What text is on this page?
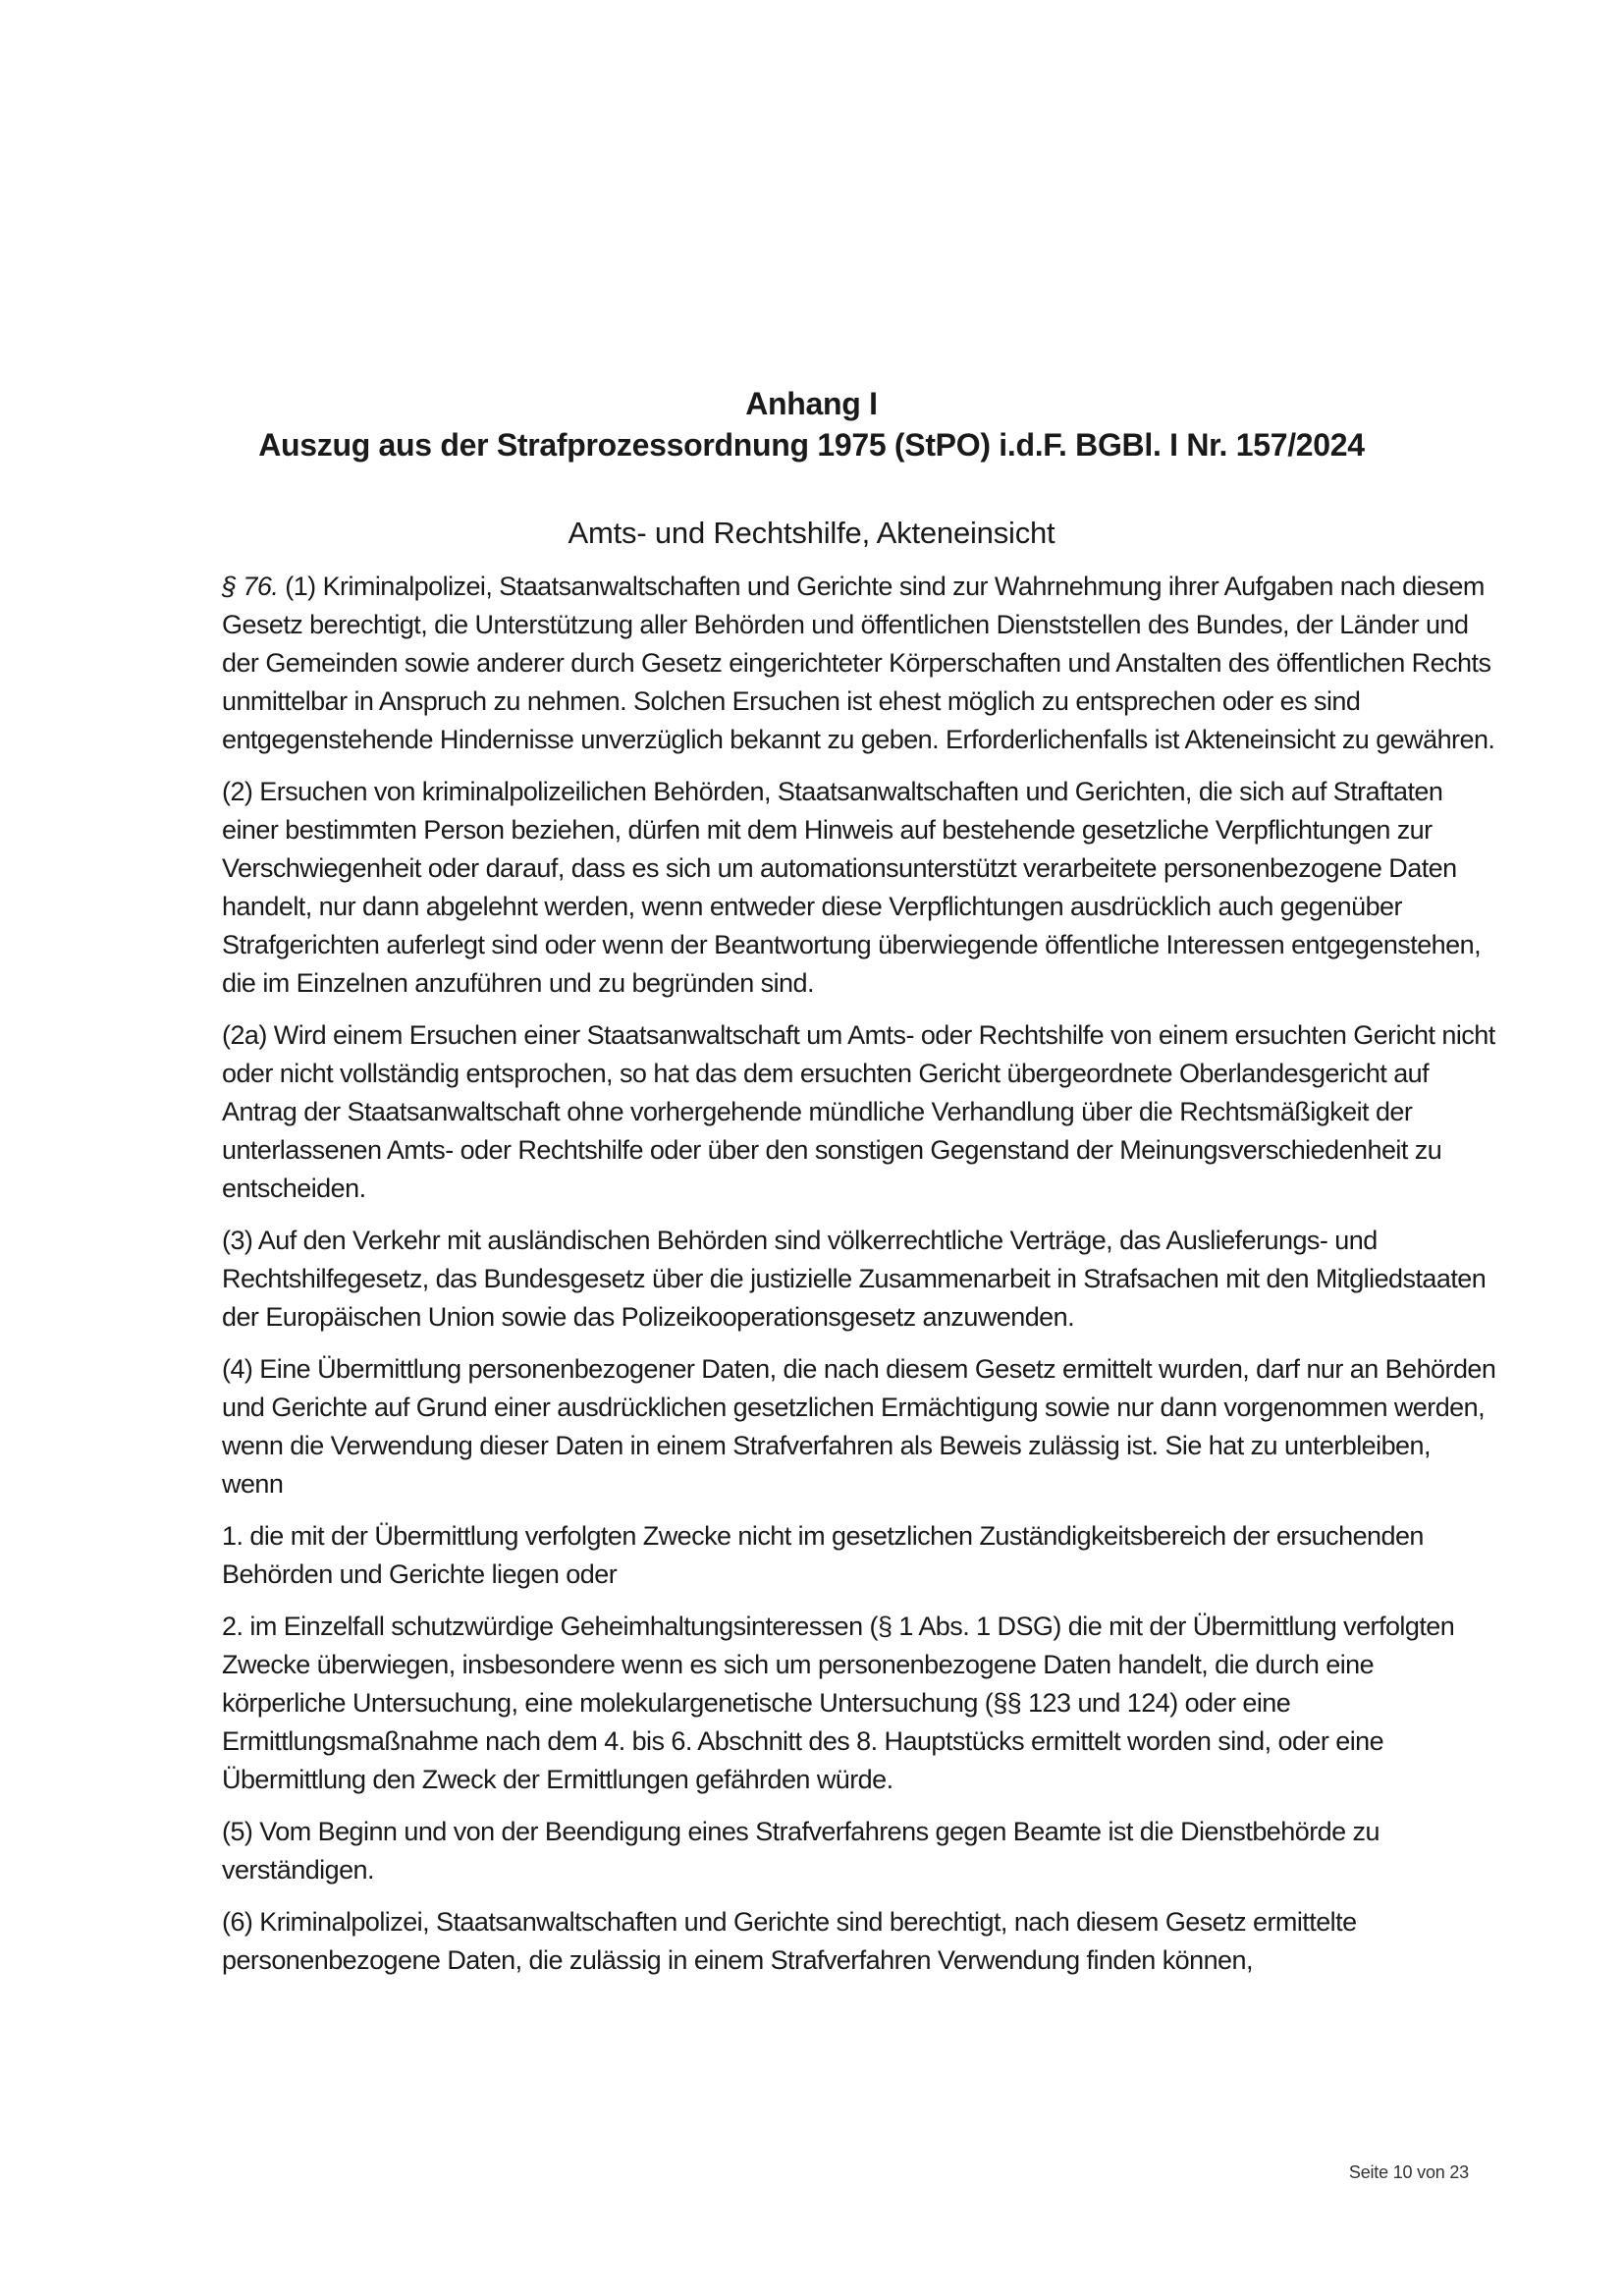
Anhang I
Auszug aus der Strafprozessordnung 1975 (StPO) i.d.F. BGBl. I Nr. 157/2024
Amts- und Rechtshilfe, Akteneinsicht

§ 76. (1) Kriminalpolizei, Staatsanwaltschaften und Gerichte sind zur Wahrnehmung ihrer Aufgaben nach diesem Gesetz berechtigt, die Unterstützung aller Behörden und öffentlichen Dienststellen des Bundes, der Länder und der Gemeinden sowie anderer durch Gesetz eingerichteter Körperschaften und Anstalten des öffentlichen Rechts unmittelbar in Anspruch zu nehmen. Solchen Ersuchen ist ehest möglich zu entsprechen oder es sind entgegenstehende Hindernisse unverzüglich bekannt zu geben. Erforderlichenfalls ist Akteneinsicht zu gewähren.

(2) Ersuchen von kriminalpolizeilichen Behörden, Staatsanwaltschaften und Gerichten, die sich auf Straftaten einer bestimmten Person beziehen, dürfen mit dem Hinweis auf bestehende gesetzliche Verpflichtungen zur Verschwiegenheit oder darauf, dass es sich um automationsunterstützt verarbeitete personenbezogene Daten handelt, nur dann abgelehnt werden, wenn entweder diese Verpflichtungen ausdrücklich auch gegenüber Strafgerichten auferlegt sind oder wenn der Beantwortung überwiegende öffentliche Interessen entgegenstehen, die im Einzelnen anzuführen und zu begründen sind.

(2a) Wird einem Ersuchen einer Staatsanwaltschaft um Amts- oder Rechtshilfe von einem ersuchten Gericht nicht oder nicht vollständig entsprochen, so hat das dem ersuchten Gericht übergeordnete Oberlandesgericht auf Antrag der Staatsanwaltschaft ohne vorhergehende mündliche Verhandlung über die Rechtsmäßigkeit der unterlassenen Amts- oder Rechtshilfe oder über den sonstigen Gegenstand der Meinungsverschiedenheit zu entscheiden.

(3) Auf den Verkehr mit ausländischen Behörden sind völkerrechtliche Verträge, das Auslieferungs- und Rechtshilfegesetz, das Bundesgesetz über die justizielle Zusammenarbeit in Strafsachen mit den Mitgliedstaaten der Europäischen Union sowie das Polizeikooperationsgesetz anzuwenden.

(4) Eine Übermittlung personenbezogener Daten, die nach diesem Gesetz ermittelt wurden, darf nur an Behörden und Gerichte auf Grund einer ausdrücklichen gesetzlichen Ermächtigung sowie nur dann vorgenommen werden, wenn die Verwendung dieser Daten in einem Strafverfahren als Beweis zulässig ist. Sie hat zu unterbleiben, wenn

1. die mit der Übermittlung verfolgten Zwecke nicht im gesetzlichen Zuständigkeitsbereich der ersuchenden Behörden und Gerichte liegen oder

2. im Einzelfall schutzwürdige Geheimhaltungsinteressen (§ 1 Abs. 1 DSG) die mit der Übermittlung verfolgten Zwecke überwiegen, insbesondere wenn es sich um personenbezogene Daten handelt, die durch eine körperliche Untersuchung, eine molekulargenetische Untersuchung (§§ 123 und 124) oder eine Ermittlungsmaßnahme nach dem 4. bis 6. Abschnitt des 8. Hauptstücks ermittelt worden sind, oder eine Übermittlung den Zweck der Ermittlungen gefährden würde.

(5) Vom Beginn und von der Beendigung eines Strafverfahrens gegen Beamte ist die Dienstbehörde zu verständigen.

(6) Kriminalpolizei, Staatsanwaltschaften und Gerichte sind berechtigt, nach diesem Gesetz ermittelte personenbezogene Daten, die zulässig in einem Strafverfahren Verwendung finden können,

Seite 10 von 23
